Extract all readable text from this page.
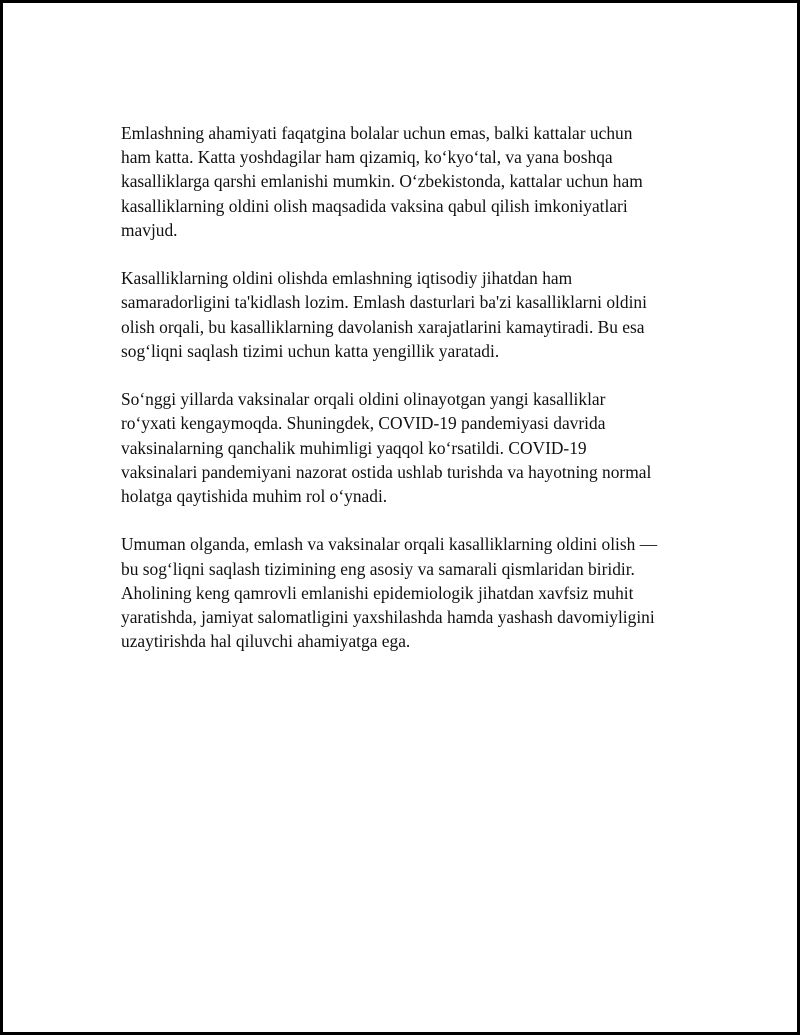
Emlashning ahamiyati faqatgina bolalar uchun emas, balki kattalar uchun
ham katta. Katta yoshdagilar ham qizamiq, ko‘kyo‘tal, va yana boshqa
kasalliklarga qarshi emlanishi mumkin. O‘zbekistonda, kattalar uchun ham
kasalliklarning oldini olish maqsadida vaksina qabul qilish imkoniyatlari
mavjud.

Kasalliklarning oldini olishda emlashning iqtisodiy jihatdan ham
samaradorligini ta'kidlash lozim. Emlash dasturlari ba'zi kasalliklarni oldini
olish orqali, bu kasalliklarning davolanish xarajatlarini kamaytiradi. Bu esa
sog‘liqni saqlash tizimi uchun katta yengillik yaratadi.

So‘nggi yillarda vaksinalar orqali oldini olinayotgan yangi kasalliklar
ro‘yxati kengaymoqda. Shuningdek, COVID-19 pandemiyasi davrida
vaksinalarning qanchalik muhimligi yaqqol ko‘rsatildi. COVID-19
vaksinalari pandemiyani nazorat ostida ushlab turishda va hayotning normal
holatga qaytishida muhim rol o‘ynadi.

Umuman olganda, emlash va vaksinalar orqali kasalliklarning oldini olish —
bu sog‘liqni saqlash tizimining eng asosiy va samarali qismlaridan biridir.
Aholining keng qamrovli emlanishi epidemiologik jihatdan xavfsiz muhit
yaratishda, jamiyat salomatligini yaxshilashda hamda yashash davomiyligini
uzaytirishda hal qiluvchi ahamiyatga ega.
